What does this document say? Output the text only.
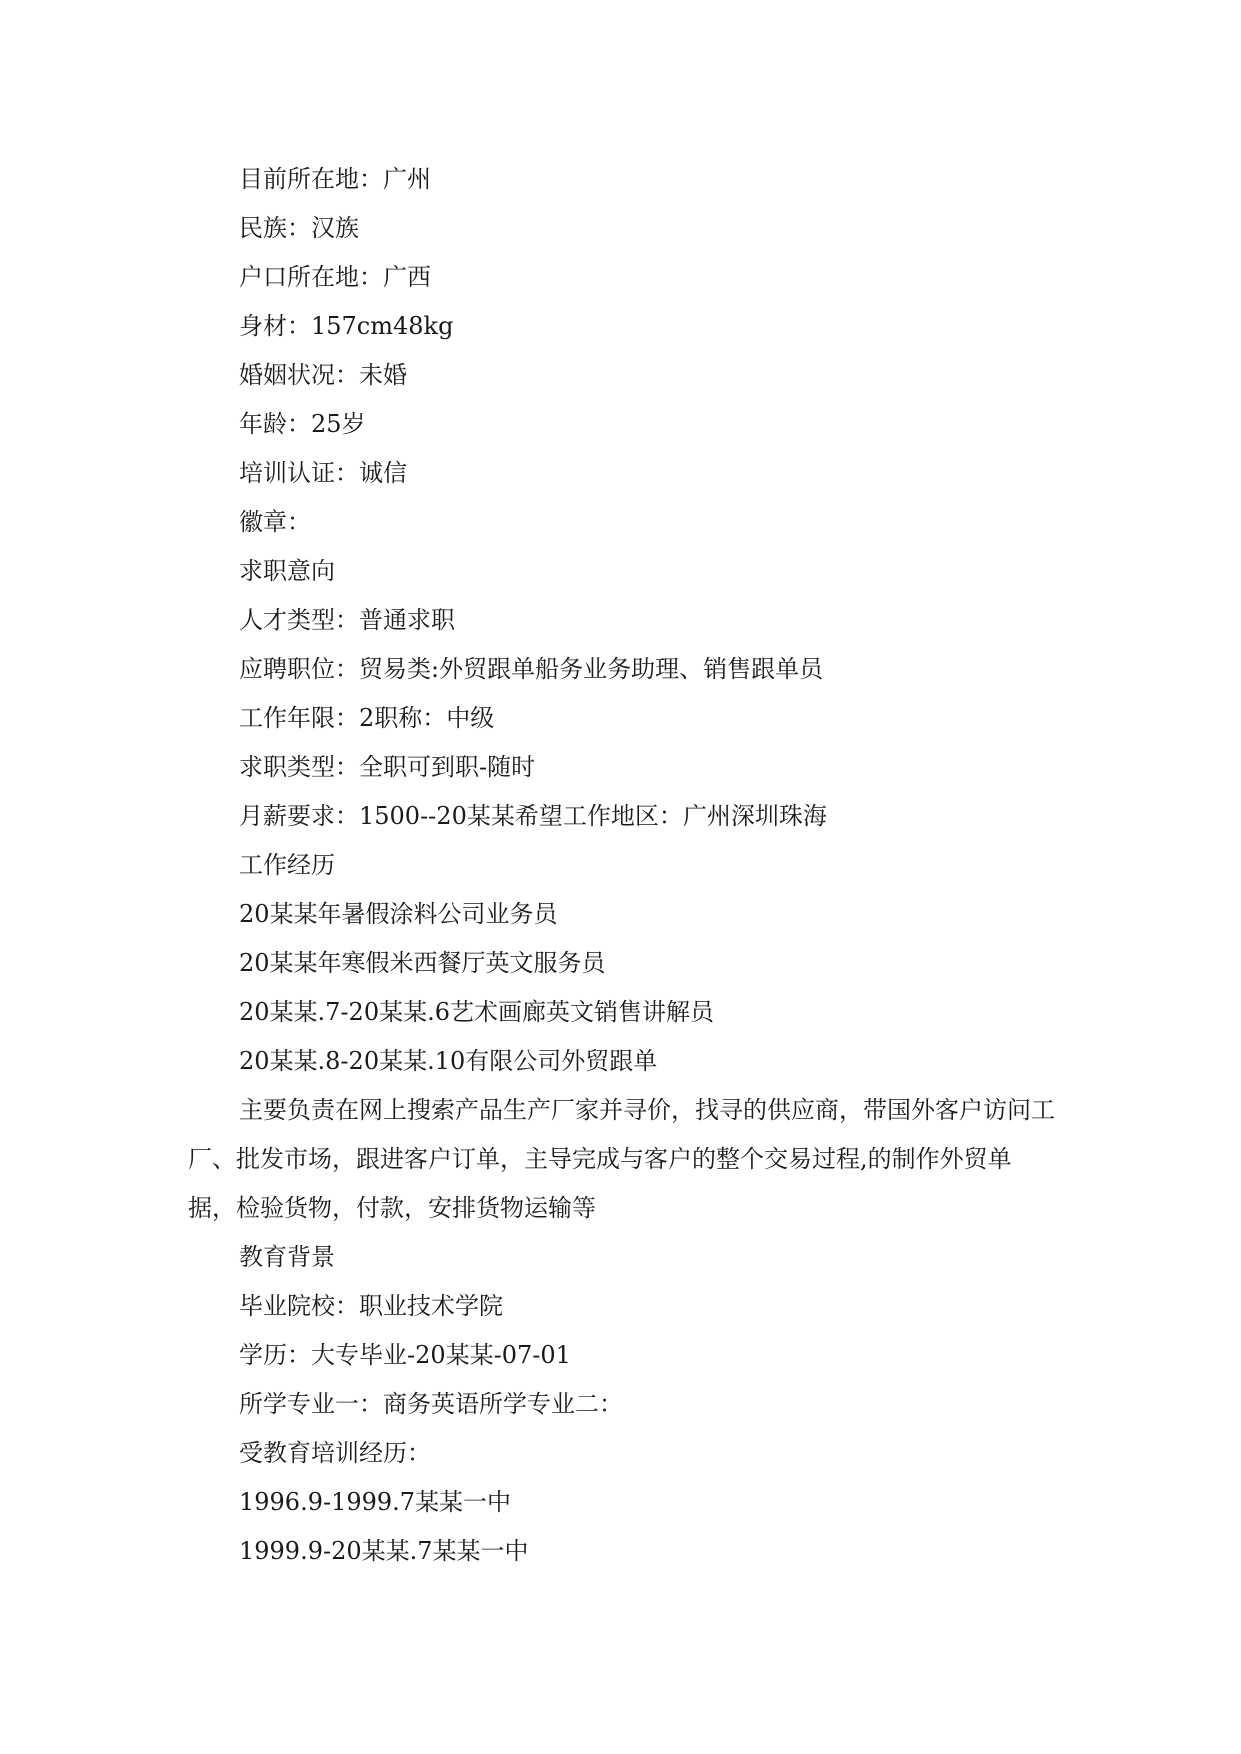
目前所在地：广州

民族：汉族

户口所在地：广西

身材：157cm48kg

婚姻状况：未婚

年龄：25岁

培训认证：诚信

徽章：

求职意向

人才类型：普通求职

应聘职位：贸易类:外贸跟单船务业务助理、销售跟单员

工作年限：2职称：中级

求职类型：全职可到职-随时

月薪要求：1500--20某某希望工作地区：广州深圳珠海

工作经历

20某某年暑假涂料公司业务员

20某某年寒假米西餐厅英文服务员

20某某.7-20某某.6艺术画廊英文销售讲解员

20某某.8-20某某.10有限公司外贸跟单

主要负责在网上搜索产品生产厂家并寻价，找寻的供应商，带国外客户访问工厂、批发市场，跟进客户订单，主导完成与客户的整个交易过程,的制作外贸单据，检验货物，付款，安排货物运输等

教育背景

毕业院校：职业技术学院

学历：大专毕业-20某某-07-01

所学专业一：商务英语所学专业二：

受教育培训经历：

1996.9-1999.7某某一中

1999.9-20某某.7某某一中
